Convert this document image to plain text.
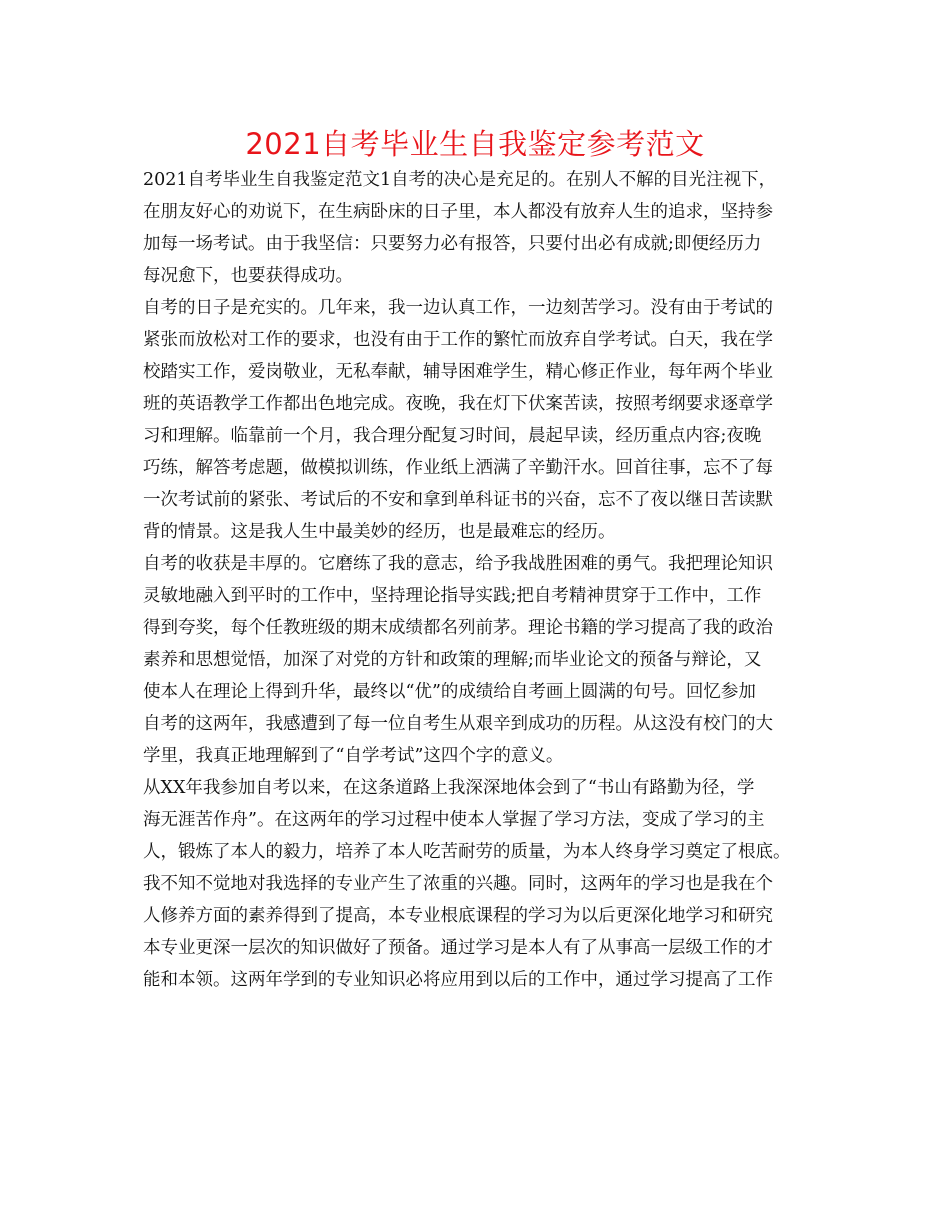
2021自考毕业生自我鉴定参考范文
2021自考毕业生自我鉴定范文1自考的决心是充足的。在别人不解的目光注视下，
在朋友好心的劝说下，在生病卧床的日子里，本人都没有放弃人生的追求，坚持参
加每一场考试。由于我坚信：只要努力必有报答，只要付出必有成就;即便经历力
每况愈下，也要获得成功。
自考的日子是充实的。几年来，我一边认真工作，一边刻苦学习。没有由于考试的
紧张而放松对工作的要求，也没有由于工作的繁忙而放弃自学考试。白天，我在学
校踏实工作，爱岗敬业，无私奉献，辅导困难学生，精心修正作业，每年两个毕业
班的英语教学工作都出色地完成。夜晚，我在灯下伏案苦读，按照考纲要求逐章学
习和理解。临靠前一个月，我合理分配复习时间，晨起早读，经历重点内容;夜晚
巧练，解答考虑题，做模拟训练，作业纸上洒满了辛勤汗水。回首往事，忘不了每
一次考试前的紧张、考试后的不安和拿到单科证书的兴奋，忘不了夜以继日苦读默
背的情景。这是我人生中最美妙的经历，也是最难忘的经历。
自考的收获是丰厚的。它磨练了我的意志，给予我战胜困难的勇气。我把理论知识
灵敏地融入到平时的工作中，坚持理论指导实践;把自考精神贯穿于工作中，工作
得到夸奖，每个任教班级的期末成绩都名列前茅。理论书籍的学习提高了我的政治
素养和思想觉悟，加深了对党的方针和政策的理解;而毕业论文的预备与辩论，又
使本人在理论上得到升华，最终以“优”的成绩给自考画上圆满的句号。回忆参加
自考的这两年，我感遭到了每一位自考生从艰辛到成功的历程。从这没有校门的大
学里，我真正地理解到了“自学考试”这四个字的意义。
从XX年我参加自考以来，在这条道路上我深深地体会到了“书山有路勤为径，学
海无涯苦作舟”。在这两年的学习过程中使本人掌握了学习方法，变成了学习的主
人，锻炼了本人的毅力，培养了本人吃苦耐劳的质量，为本人终身学习奠定了根底。
我不知不觉地对我选择的专业产生了浓重的兴趣。同时，这两年的学习也是我在个
人修养方面的素养得到了提高，本专业根底课程的学习为以后更深化地学习和研究
本专业更深一层次的知识做好了预备。通过学习是本人有了从事高一层级工作的才
能和本领。这两年学到的专业知识必将应用到以后的工作中，通过学习提高了工作
